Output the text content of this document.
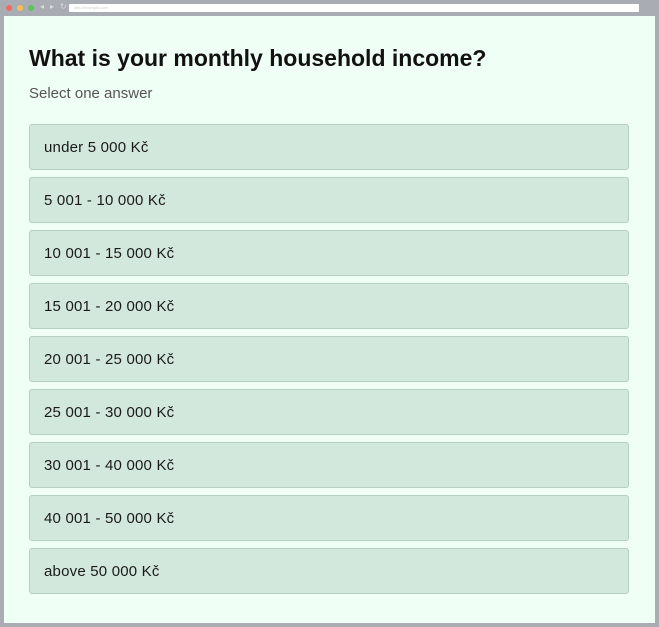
◂ ▸ ↻ http://example.com
What is your monthly household income?
Select one answer
under 5 000 Kč
5 001 - 10 000 Kč
10 001 - 15 000 Kč
15 001 - 20 000 Kč
20 001 - 25 000 Kč
25 001 - 30 000 Kč
30 001 - 40 000 Kč
40 001 - 50 000 Kč
above 50 000 Kč
